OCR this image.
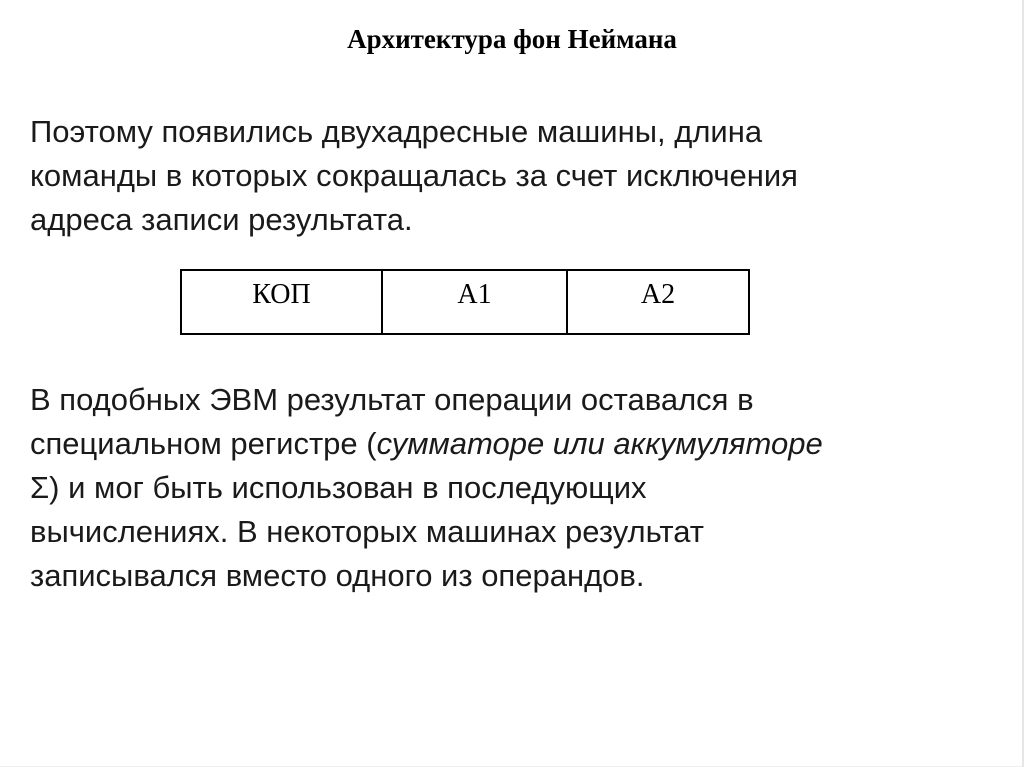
Архитектура фон Неймана

Поэтому появились двухадресные машины, длина
команды в которых сокращалась за счет исключения
адреса записи результата.

КОП	A1	A2

В подобных ЭВМ результат операции оставался в
специальном регистре (сумматоре или аккумуляторе
Σ) и мог быть использован в последующих
вычислениях. В некоторых машинах результат
записывался вместо одного из операндов.
